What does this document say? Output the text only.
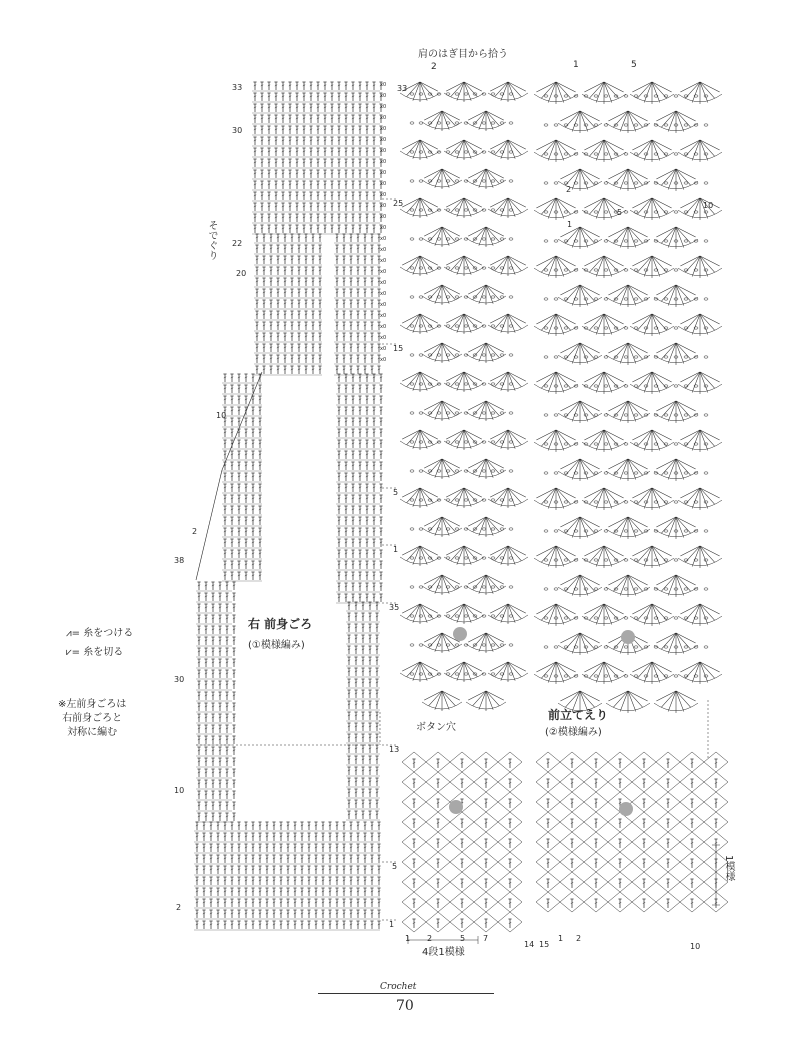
x0
x0
x0
x0
x0
x0
x0
x0
x0
x0
x0
x0
x0
x0
x0
x0
x0
x0
x0
x0
x0
x0
x0
x0
x0
x0
肩のはぎ目から拾う
2	1	5
33
30
22
20
10
2
38
30
10
2
33
25
15
5
1
35
13
5
1
2
1
5
10
右 前身ごろ
(①模様編み)
前立てえり
(②模様編み)
ボタン穴
そでぐり
⩘= 糸をつける
⩗= 糸を切る
※左前身ごろは
右前身ごろと
対称に編む
1 2	5 7
14 15
1 2
10
4段1模様
1模様
Crochet
70
